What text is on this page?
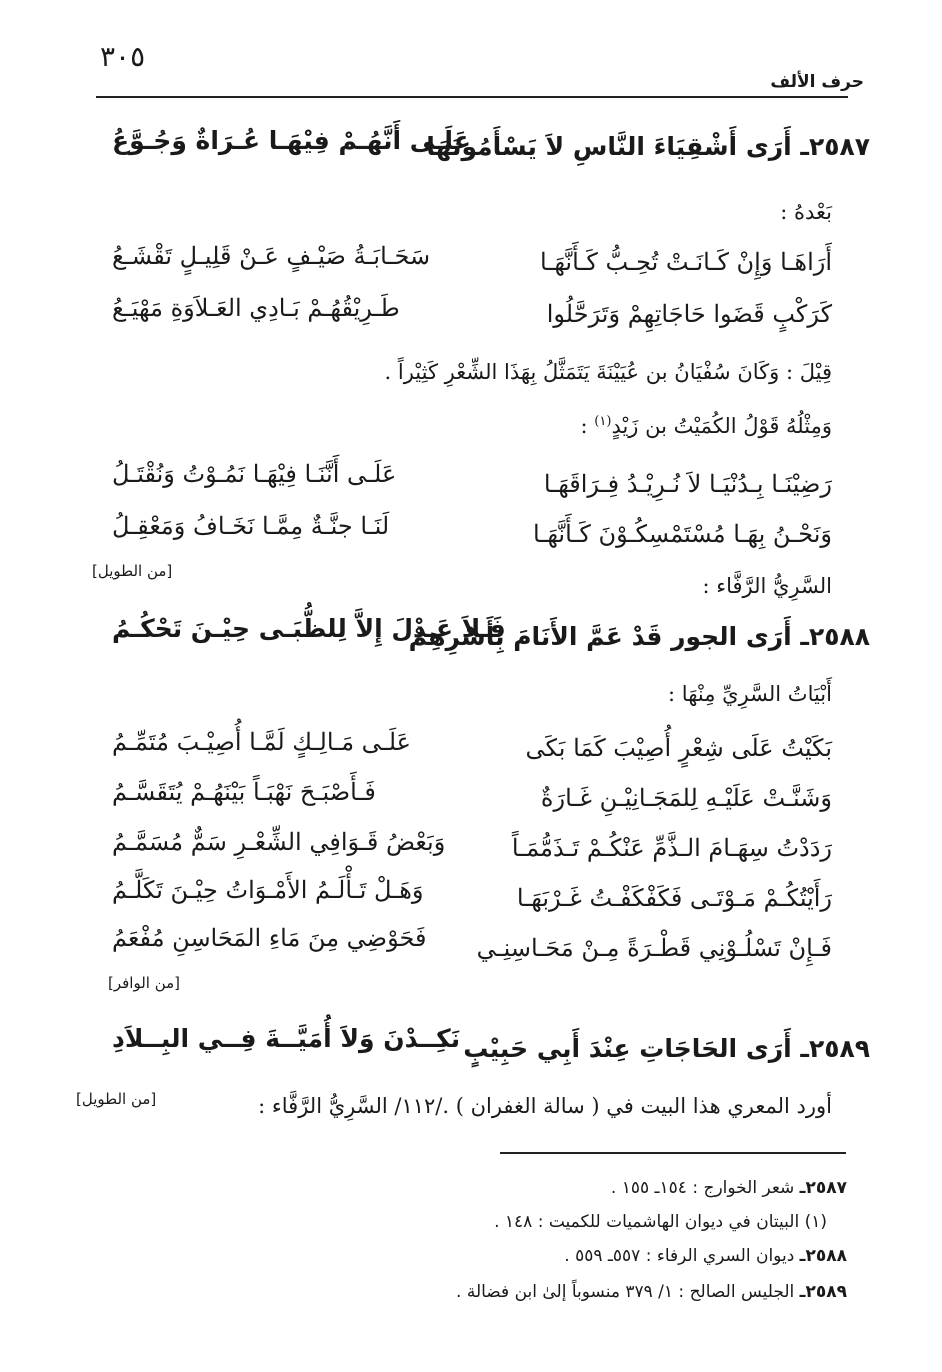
٣٠٥
حرف الألف
٢٥٨٧ـ أَرَى أَشْقِيَاءَ النَّاسِ لاَ يَسْأَمُونَهَا
عَلَـى أَنَّهُـمْ فِيْهَـا عُـرَاةٌ وَجُـوَّعُ
بَعْدهُ :
أَرَاهَـا وَإِنْ كَـانَـتْ تُحِـبُّ كَـأَنَّهَـا
سَحَـابَـةُ صَيْـفٍ عَـنْ قَلِيـلٍ تَقْشَـعُ
كَرَكْبٍ قَضَوا حَاجَاتِهِمْ وَتَرَحَّلُوا
طَـرِيْقُهُـمْ بَـادِي العَـلاَوَةِ مَهْيَـعُ
قِيْلَ : وَكَانَ سُفْيَانُ بن عُيَيْنَةَ يَتَمَثَّلُ بِهَذَا الشِّعْرِ كَثِيْراً .
وَمِثْلُهُ قَوْلُ الكُمَيْتُ بن زَيْدٍ$^{(١)}$ :
رَضِيْنَـا بِـدُنْيَـا لاَ نُـرِيْـدُ فِـرَاقَهَـا
عَلَـى أَنَّنَـا فِيْهَـا نَمُـوْتُ وَنُقْتَـلُ
وَنَحْـنُ بِهَـا مُسْتَمْسِكُـوْنَ كَـأَنَّهَـا
لَنَـا جنَّـةٌ مِمَّـا نَخَـافُ وَمَعْقِـلُ
[من الطويل]
السَّرِيُّ الرَّفَّاء :
٢٥٨٨ـ أَرَى الجور قَدْ عَمَّ الأَنَامَ بِأَسْرِهِمْ
فَـلاَ عَـدْلَ إِلاَّ لِلظُّبَـى حِيْـنَ تَحْكُـمُ
أَبْيَاتُ السَّرِيِّ مِنْهَا :
بَكَيْتُ عَلَى شِعْرٍ أُصِيْبَ كَمَا بَكَى
عَلَـى مَـالِـكٍ لَمَّـا أُصِيْـبَ مُتَمِّـمُ
وَشَنَّـتْ عَلَيْـهِ لِلمَجَـانِيْـنِ غَـارَةٌ
فَـأَصْبَـحَ نَهْبَـاً بَيْنَهُـمْ يُتَقَسَّـمُ
رَدَدْتُ سِهَـامَ الـذَّمِّ عَنْكُـمْ تَـذَمُّمَـاً
وَبَعْضُ قَـوَافِي الشِّعْـرِ سَمٌّ مُسَمَّـمُ
رَأَيْتُكُـمْ مَـوْتَـى فَكَفْكَفْـتُ غَـرْبَهَـا
وَهَـلْ تَـأْلَـمُ الأَمْـوَاتُ حِيْـنَ تَكَلَّـمُ
فَـإِنْ تَسْلُـوْنِي قَطْـرَةً مِـنْ مَحَـاسِنِـي
فَحَوْضِي مِنَ مَاءِ المَحَاسِنِ مُفْعَمُ
[من الوافر]
٢٥٨٩ـ أَرَى الحَاجَاتِ عِنْدَ أَبِي حَبِيْبٍ
نَكِــدْنَ وَلاَ أُمَيَّــةَ فِــي البِــلاَدِ
أورد المعري هذا البيت في ( سالة الغفران ) ./١١٢/ السَّرِيُّ الرَّفَّاء :
[من الطويل]
٢٥٨٧ـ شعر الخوارج : ١٥٤ـ ١٥٥ .
(١) البيتان في ديوان الهاشميات للكميت : ١٤٨ .
٢٥٨٨ـ ديوان السري الرفاء : ٥٥٧ـ ٥٥٩ .
٢٥٨٩ـ الجليس الصالح : ١/ ٣٧٩ منسوباً إلىٰ ابن فضالة .
